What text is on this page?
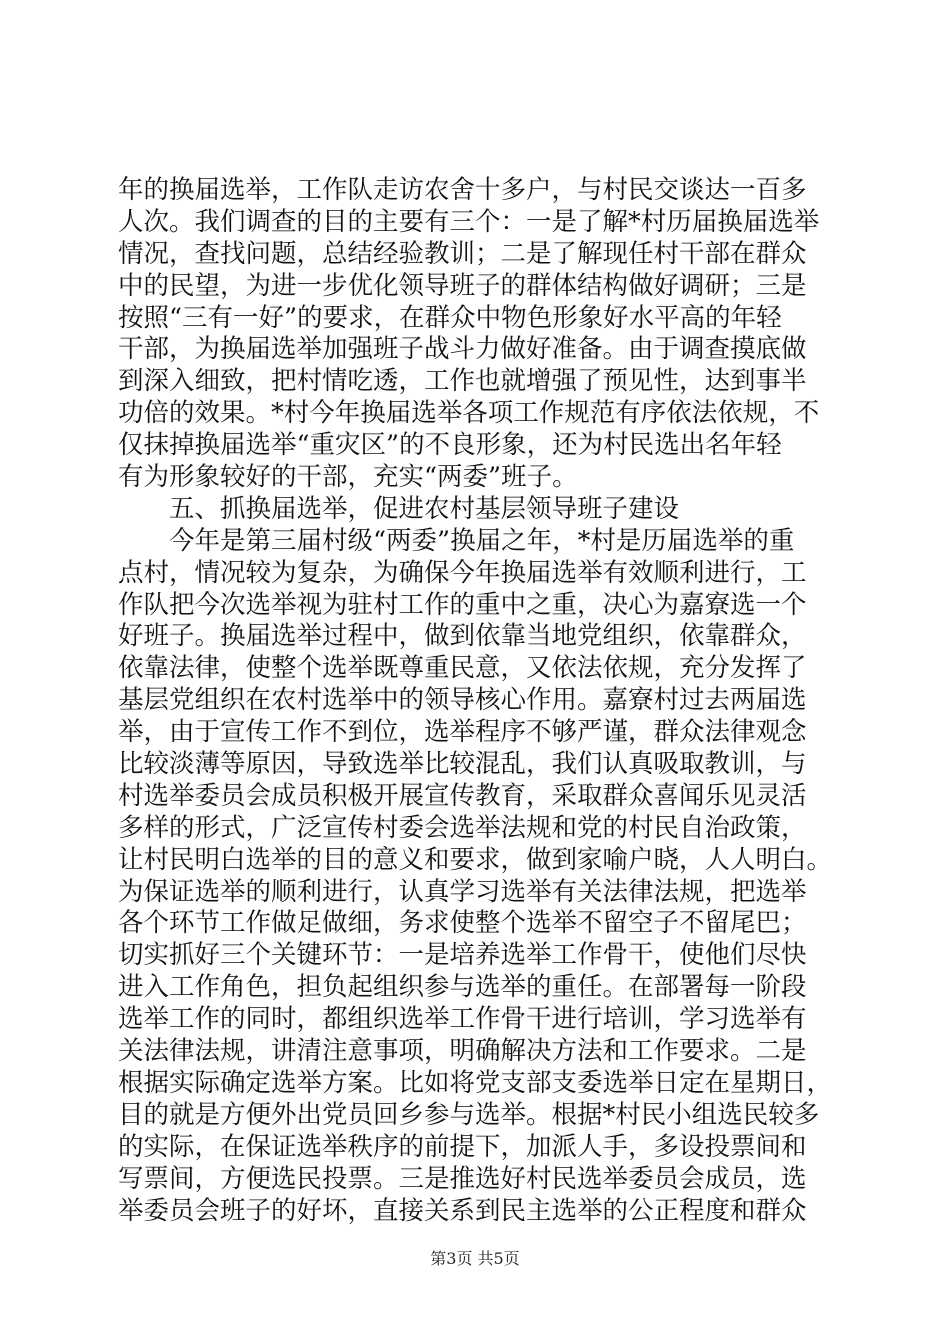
年的换届选举，工作队走访农舍十多户，与村民交谈达一百多
人次。我们调查的目的主要有三个：一是了解*村历届换届选举
情况，查找问题，总结经验教训；二是了解现任村干部在群众
中的民望，为进一步优化领导班子的群体结构做好调研；三是
按照“三有一好”的要求，在群众中物色形象好水平高的年轻
干部，为换届选举加强班子战斗力做好准备。由于调查摸底做
到深入细致，把村情吃透，工作也就增强了预见性，达到事半
功倍的效果。*村今年换届选举各项工作规范有序依法依规，不
仅抹掉换届选举“重灾区”的不良形象，还为村民选出名年轻
有为形象较好的干部，充实“两委”班子。
　　五、抓换届选举，促进农村基层领导班子建设
　　今年是第三届村级“两委”换届之年，*村是历届选举的重
点村，情况较为复杂，为确保今年换届选举有效顺利进行，工
作队把今次选举视为驻村工作的重中之重，决心为嘉寮选一个
好班子。换届选举过程中，做到依靠当地党组织，依靠群众，
依靠法律，使整个选举既尊重民意，又依法依规，充分发挥了
基层党组织在农村选举中的领导核心作用。嘉寮村过去两届选
举，由于宣传工作不到位，选举程序不够严谨，群众法律观念
比较淡薄等原因，导致选举比较混乱，我们认真吸取教训，与
村选举委员会成员积极开展宣传教育，采取群众喜闻乐见灵活
多样的形式，广泛宣传村委会选举法规和党的村民自治政策，
让村民明白选举的目的意义和要求，做到家喻户晓，人人明白。
为保证选举的顺利进行，认真学习选举有关法律法规，把选举
各个环节工作做足做细，务求使整个选举不留空子不留尾巴；
切实抓好三个关键环节：一是培养选举工作骨干，使他们尽快
进入工作角色，担负起组织参与选举的重任。在部署每一阶段
选举工作的同时，都组织选举工作骨干进行培训，学习选举有
关法律法规，讲清注意事项，明确解决方法和工作要求。二是
根据实际确定选举方案。比如将党支部支委选举日定在星期日，
目的就是方便外出党员回乡参与选举。根据*村民小组选民较多
的实际，在保证选举秩序的前提下，加派人手，多设投票间和
写票间，方便选民投票。三是推选好村民选举委员会成员，选
举委员会班子的好坏，直接关系到民主选举的公正程度和群众
第3页 共5页
